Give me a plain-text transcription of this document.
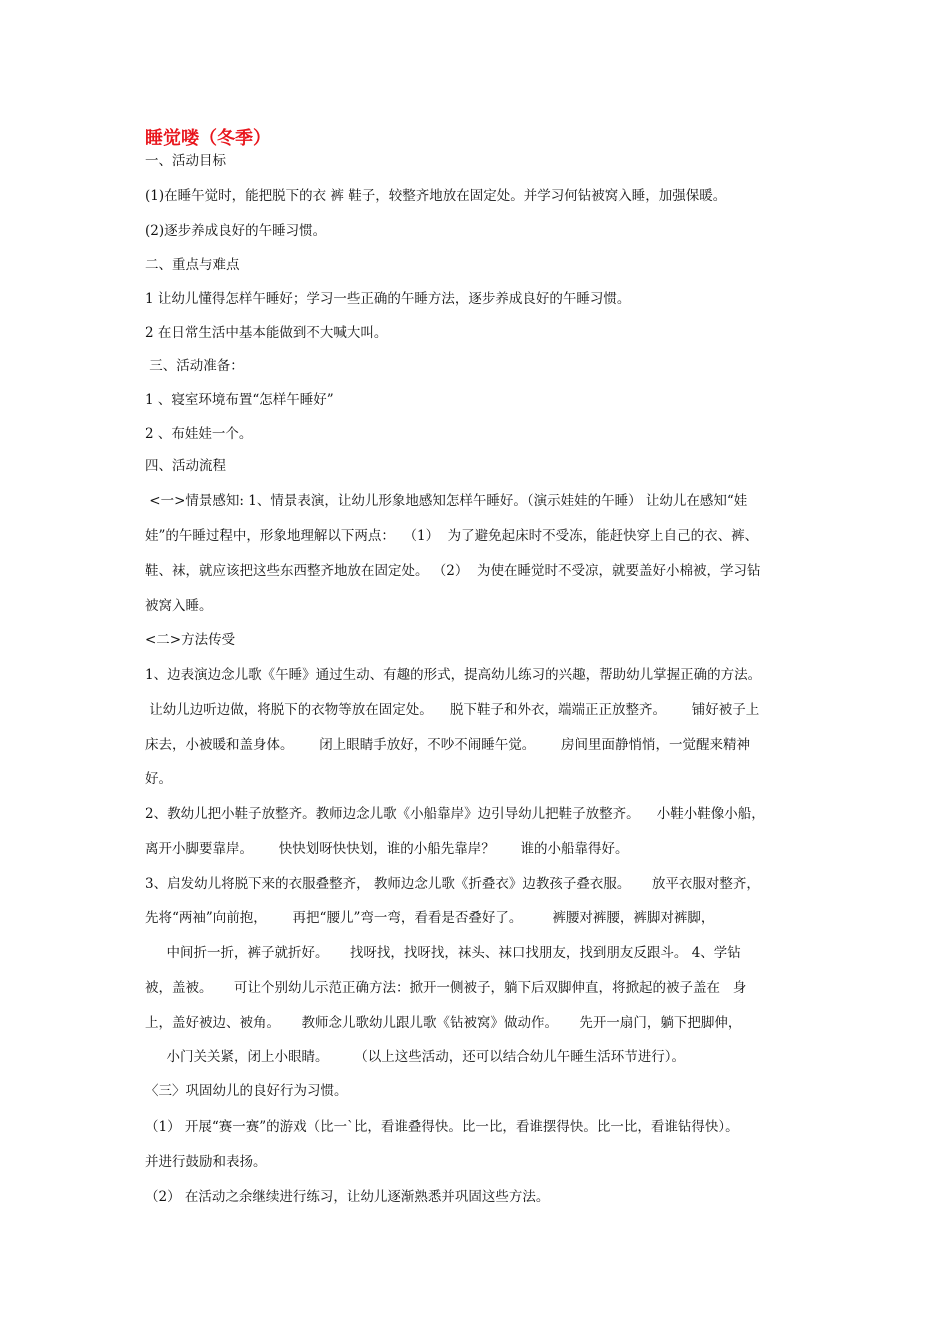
睡觉喽（冬季）
一、活动目标
(1)在睡午觉时，能把脱下的衣 裤 鞋子，较整齐地放在固定处。并学习何钻被窝入睡，加强保暖。
(2)逐步养成良好的午睡习惯。
二、重点与难点
1 让幼儿懂得怎样午睡好；学习一些正确的午睡方法，逐步养成良好的午睡习惯。
2 在日常生活中基本能做到不大喊大叫。
三、活动准备：
1 、寝室环境布置“怎样午睡好”
2 、布娃娃一个。
四、活动流程
<一>情景感知: 1、情景表演，让幼儿形象地感知怎样午睡好。（演示娃娃的午睡） 让幼儿在感知“娃
娃”的午睡过程中，形象地理解以下两点：  （1）  为了避免起床时不受冻，能赶快穿上自己的衣、裤、
鞋、袜，就应该把这些东西整齐地放在固定处。 （2）  为使在睡觉时不受凉，就要盖好小棉被，学习钻
被窝入睡。
<二>方法传受
1、边表演边念儿歌《午睡》通过生动、有趣的形式，提高幼儿练习的兴趣，帮助幼儿掌握正确的方法。
让幼儿边听边做，将脱下的衣物等放在固定处。    脱下鞋子和外衣，端端正正放整齐。      铺好被子上
床去，小被暖和盖身体。      闭上眼睛手放好，不吵不闹睡午觉。      房间里面静悄悄，一觉醒来精神
好。
2、教幼儿把小鞋子放整齐。教师边念儿歌《小船靠岸》边引导幼儿把鞋子放整齐。    小鞋小鞋像小船，
离开小脚要靠岸。      快快划呀快快划，谁的小船先靠岸？      谁的小船靠得好。
3、启发幼儿将脱下来的衣服叠整齐， 教师边念儿歌《折叠衣》边教孩子叠衣服。     放平衣服对整齐，
先将“两袖”向前抱，      再把“腰儿”弯一弯，看看是否叠好了。       裤腰对裤腰，裤脚对裤脚，
中间折一折，裤子就折好。     找呀找，找呀找，袜头、袜口找朋友，找到朋友反跟斗。 4、学钻
被，盖被。     可让个别幼儿示范正确方法：掀开一侧被子，躺下后双脚伸直，将掀起的被子盖在   身
上，盖好被边、被角。     教师念儿歌幼儿跟儿歌《钻被窝》做动作。     先开一扇门，躺下把脚伸，
小门关关紧，闭上小眼睛。      （以上这些活动，还可以结合幼儿午睡生活环节进行）。
〈三〉巩固幼儿的良好行为习惯。
（1） 开展“赛一赛”的游戏（比一`比，看谁叠得快。比一比，看谁摆得快。比一比，看谁钻得快）。
并进行鼓励和表扬。
（2） 在活动之余继续进行练习，让幼儿逐渐熟悉并巩固这些方法。
